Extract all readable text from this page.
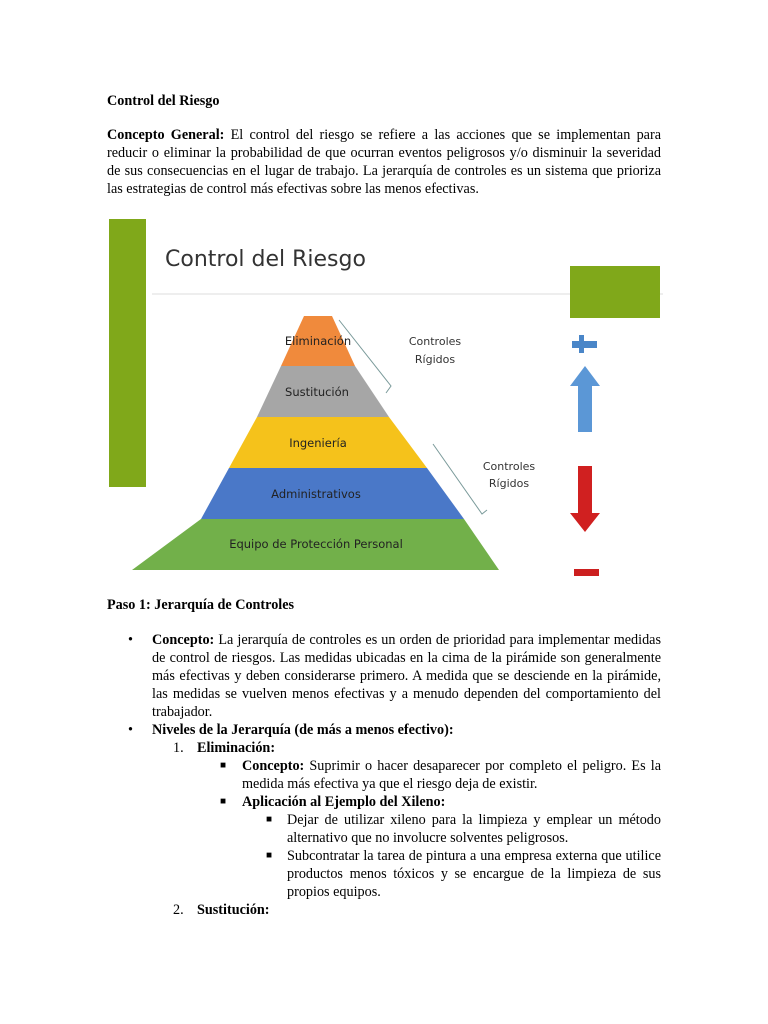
Control del Riesgo

Concepto General: El control del riesgo se refiere a las acciones que se implementan para reducir o eliminar la probabilidad de que ocurran eventos peligrosos y/o disminuir la severidad de sus consecuencias en el lugar de trabajo. La jerarquía de controles es un sistema que prioriza las estrategias de control más efectivas sobre las menos efectivas.

Control del Riesgo
Eliminación
Sustitución
Ingeniería
Administrativos
Equipo de Protección Personal
Controles
Rígidos
Controles
Rígidos
Paso 1: Jerarquía de Controles
• Concepto: La jerarquía de controles es un orden de prioridad para implementar medidas de control de riesgos. Las medidas ubicadas en la cima de la pirámide son generalmente más efectivas y deben considerarse primero. A medida que se desciende en la pirámide, las medidas se vuelven menos efectivas y a menudo dependen del comportamiento del trabajador.
• Niveles de la Jerarquía (de más a menos efectivo):
1. Eliminación:
■ Concepto: Suprimir o hacer desaparecer por completo el peligro. Es la medida más efectiva ya que el riesgo deja de existir.
■ Aplicación al Ejemplo del Xileno:
■ Dejar de utilizar xileno para la limpieza y emplear un método alternativo que no involucre solventes peligrosos.
■ Subcontratar la tarea de pintura a una empresa externa que utilice productos menos tóxicos y se encargue de la limpieza de sus propios equipos.
2. Sustitución:
